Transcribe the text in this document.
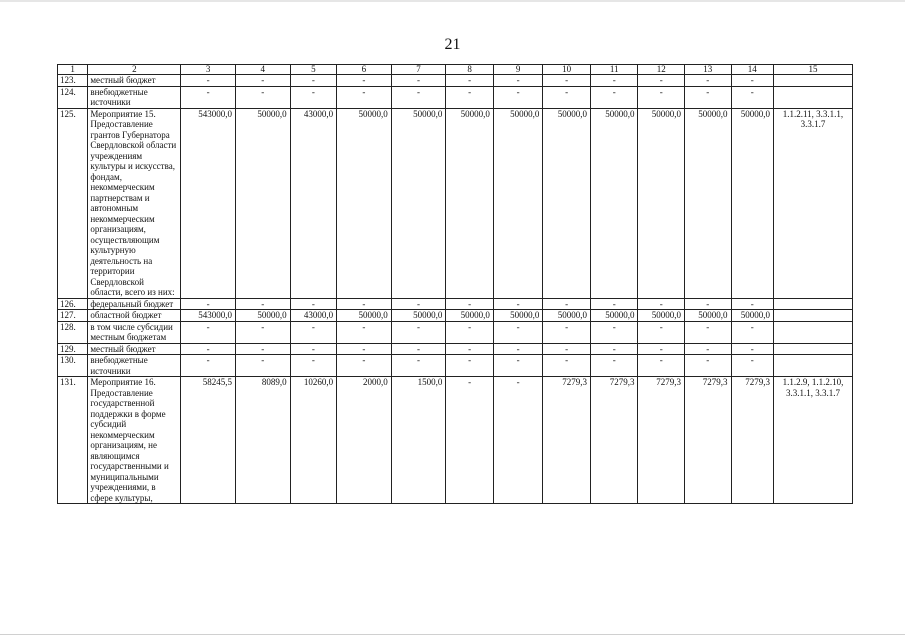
21
1	2	3	4	5	6	7	8	9	10	11	12	13	14	15
123.	местный бюджет	-	-	-	-	-	-	-	-	-	-	-	-	
124.	внебюджетные источники	-	-	-	-	-	-	-	-	-	-	-	-	
125.	Мероприятие 15. Предоставление грантов Губернатора Свердловской области учреждениям культуры и искусства, фондам, некоммерческим партнерствам и автономным некоммерческим организациям, осуществляющим культурную деятельность на территории Свердловской области, всего из них:	543000,0	50000,0	43000,0	50000,0	50000,0	50000,0	50000,0	50000,0	50000,0	50000,0	50000,0	50000,0	1.1.2.11, 3.3.1.1, 3.3.1.7
126.	федеральный бюджет	-	-	-	-	-	-	-	-	-	-	-	-	
127.	областной бюджет	543000,0	50000,0	43000,0	50000,0	50000,0	50000,0	50000,0	50000,0	50000,0	50000,0	50000,0	50000,0	
128.	в том числе субсидии местным бюджетам	-	-	-	-	-	-	-	-	-	-	-	-	
129.	местный бюджет	-	-	-	-	-	-	-	-	-	-	-	-	
130.	внебюджетные источники	-	-	-	-	-	-	-	-	-	-	-	-	
131.	Мероприятие 16. Предоставление государственной поддержки в форме субсидий некоммерческим организациям, не являющимся государственными и муниципальными учреждениями, в сфере культуры,	58245,5	8089,0	10260,0	2000,0	1500,0	-	-	7279,3	7279,3	7279,3	7279,3	7279,3	1.1.2.9, 1.1.2.10, 3.3.1.1, 3.3.1.7
